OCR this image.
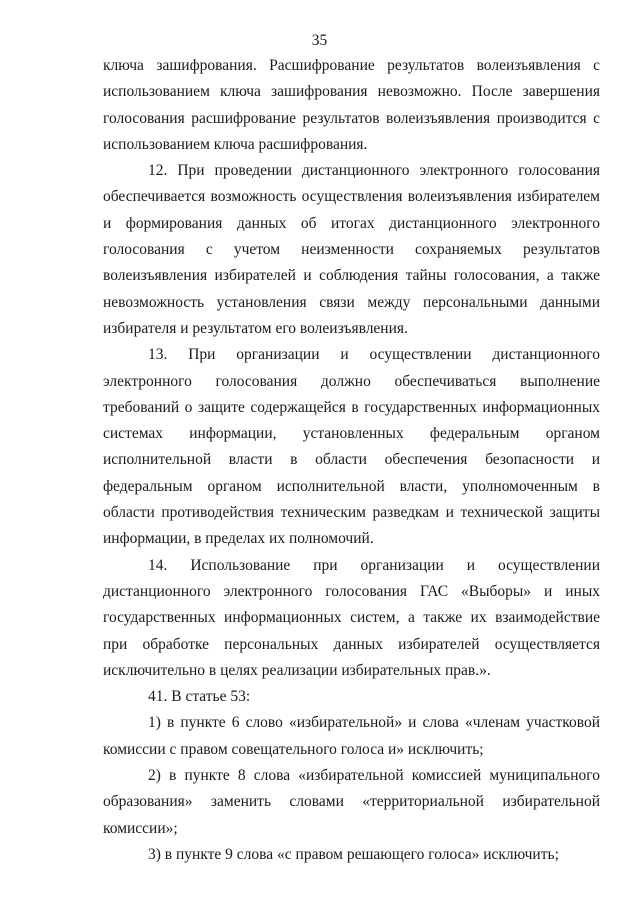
35

ключа зашифрования. Расшифрование результатов волеизъявления с использованием ключа зашифрования невозможно. После завершения голосования расшифрование результатов волеизъявления производится с использованием ключа расшифрования.

12. При проведении дистанционного электронного голосования обеспечивается возможность осуществления волеизъявления избирателем и формирования данных об итогах дистанционного электронного голосования с учетом неизменности сохраняемых результатов волеизъявления избирателей и соблюдения тайны голосования, а также невозможность установления связи между персональными данными избирателя и результатом его волеизъявления.

13. При организации и осуществлении дистанционного электронного голосования должно обеспечиваться выполнение требований о защите содержащейся в государственных информационных системах информации, установленных федеральным органом исполнительной власти в области обеспечения безопасности и федеральным органом исполнительной власти, уполномоченным в области противодействия техническим разведкам и технической защиты информации, в пределах их полномочий.

14. Использование при организации и осуществлении дистанционного электронного голосования ГАС «Выборы» и иных государственных информационных систем, а также их взаимодействие при обработке персональных данных избирателей осуществляется исключительно в целях реализации избирательных прав.».

41. В статье 53:

1) в пункте 6 слово «избирательной» и слова «членам участковой комиссии с правом совещательного голоса и» исключить;

2) в пункте 8 слова «избирательной комиссией муниципального образования» заменить словами «территориальной избирательной комиссии»;

3) в пункте 9 слова «с правом решающего голоса» исключить;
